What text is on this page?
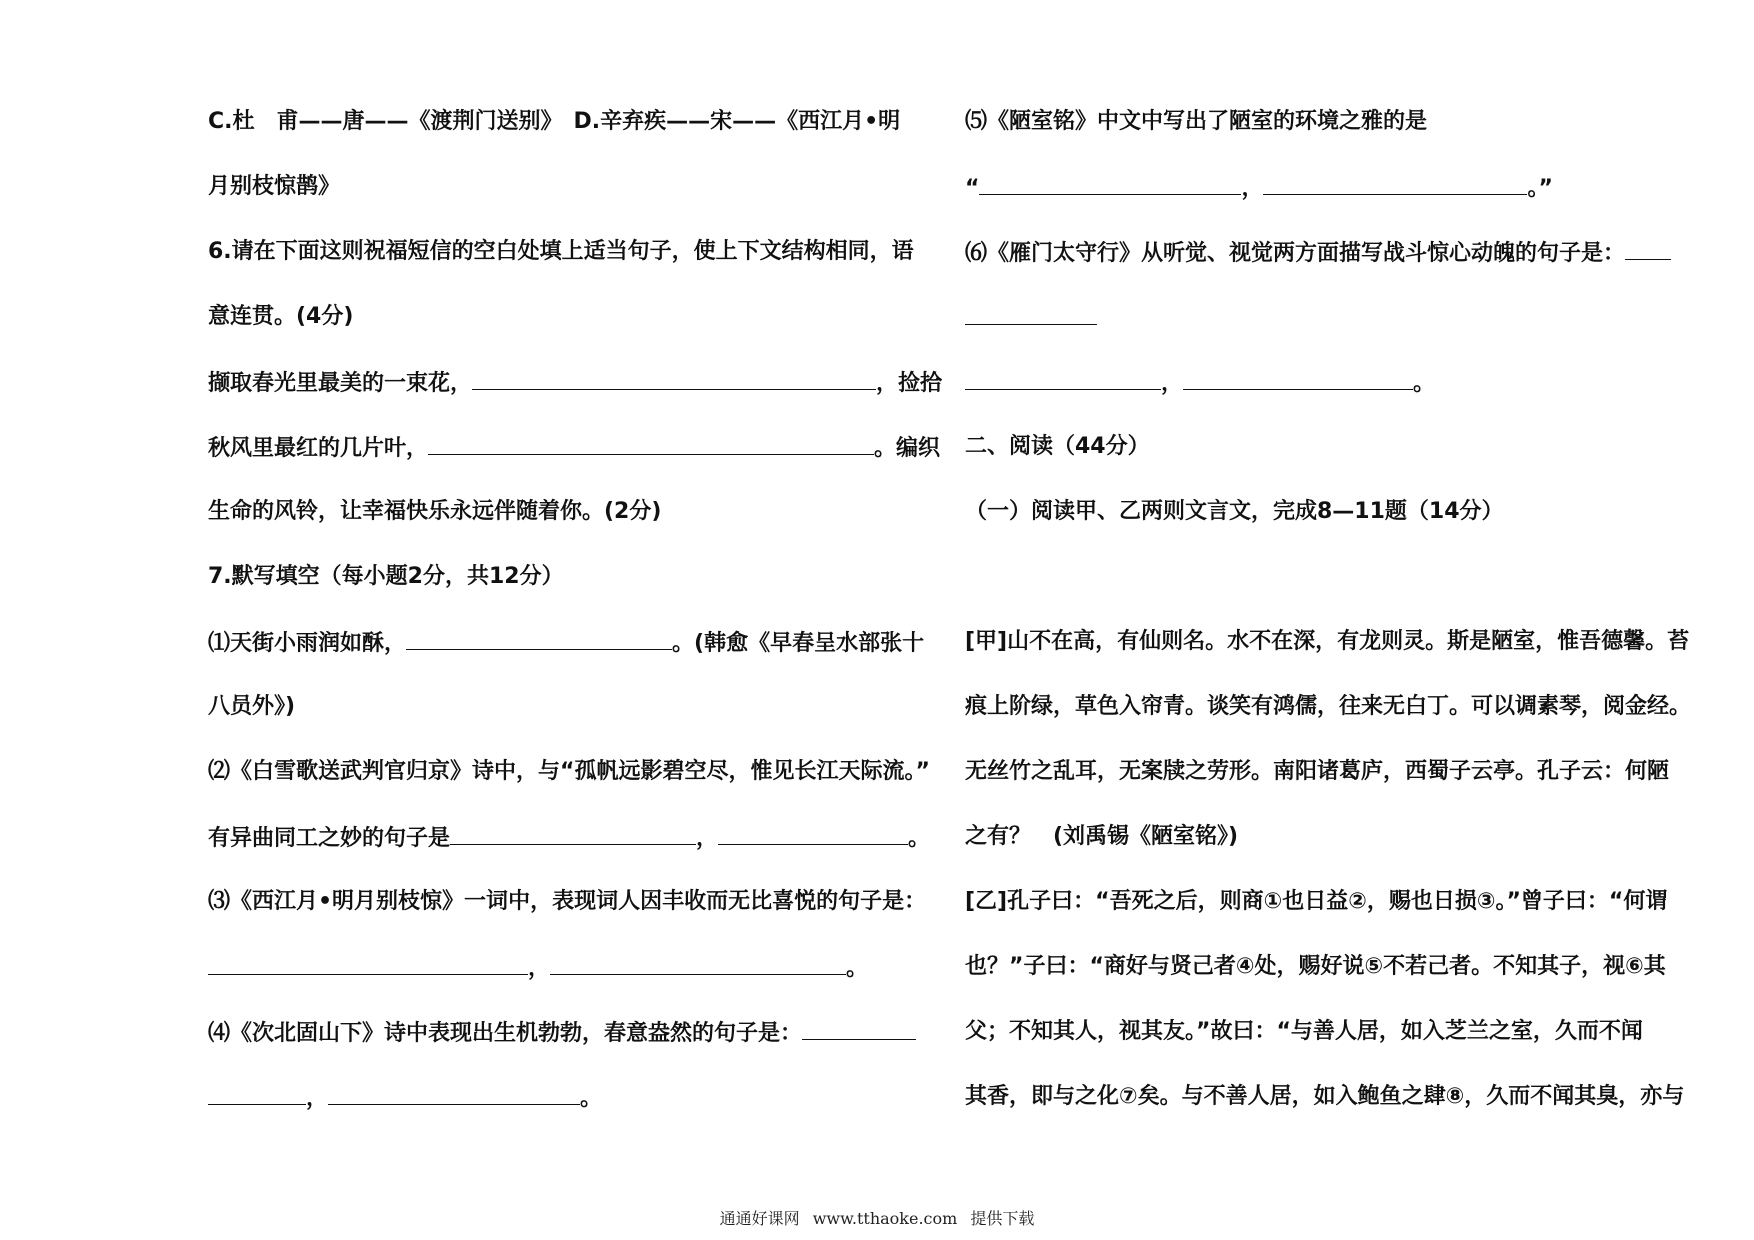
C.杜　甫——唐——《渡荆门送别》　D.辛弃疾——宋——《西江月•明

月别枝惊鹊》

6.请在下面这则祝福短信的空白处填上适当句子，使上下文结构相同，语

意连贯。(4分)

撷取春光里最美的一束花，	，捡拾

秋风里最红的几片叶，	。编织

生命的风铃，让幸福快乐永远伴随着你。(2分)

7.默写填空（每小题2分，共12分）

⑴天街小雨润如酥，	。(韩愈《早春呈水部张十

八员外》)

⑵《白雪歌送武判官归京》诗中，与“孤帆远影碧空尽，惟见长江天际流。”

有异曲同工之妙的句子是	，	。

⑶《西江月•明月别枝惊》一词中，表现词人因丰收而无比喜悦的句子是：

，	。

⑷《次北固山下》诗中表现出生机勃勃，春意盎然的句子是：

，	。

⑸《陋室铭》中文中写出了陋室的环境之雅的是

“	，	。”

⑹《雁门太守行》从听觉、视觉两方面描写战斗惊心动魄的句子是：

，	。

二、阅读（44分）

（一）阅读甲、乙两则文言文，完成8—11题（14分）

[甲]山不在高，有仙则名。水不在深，有龙则灵。斯是陋室，惟吾德馨。苔

痕上阶绿，草色入帘青。谈笑有鸿儒，往来无白丁。可以调素琴，阅金经。

无丝竹之乱耳，无案牍之劳形。南阳诸葛庐，西蜀子云亭。孔子云：何陋

之有？　(刘禹锡《陋室铭》)

[乙]孔子曰：“吾死之后，则商①也日益②，赐也日损③。”曾子曰：“何谓

也？”子曰：“商好与贤己者④处，赐好说⑤不若己者。不知其子，视⑥其

父；不知其人，视其友。”故曰：“与善人居，如入芝兰之室，久而不闻

其香，即与之化⑦矣。与不善人居，如入鲍鱼之肆⑧，久而不闻其臭，亦与

通通好课网 www.tthaoke.com 提供下载
